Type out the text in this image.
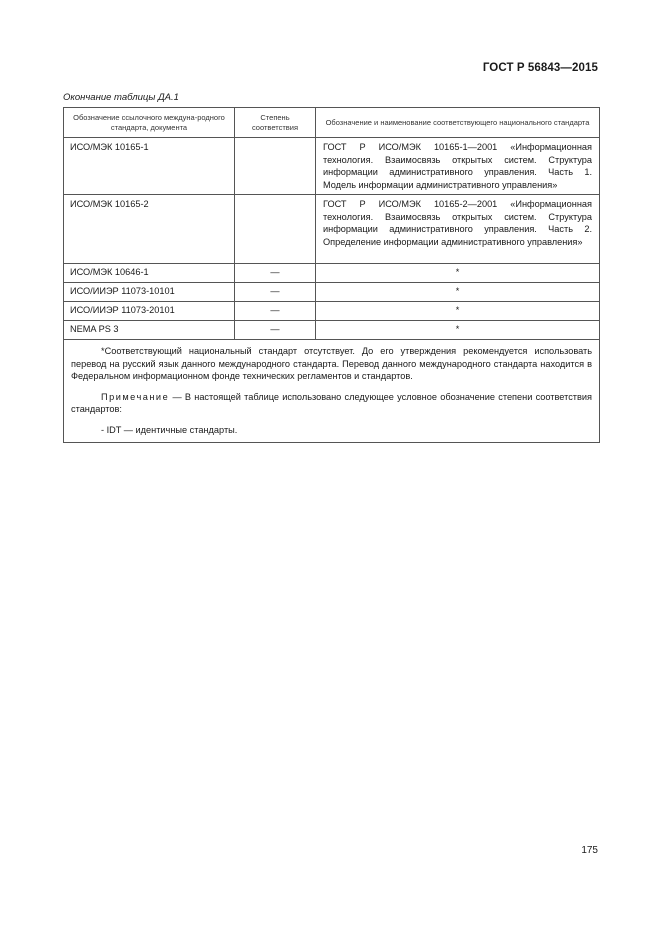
ГОСТ Р 56843—2015
Окончание таблицы ДА.1
Обозначение ссылочного междуна-родного стандарта, документа	Степень соответствия	Обозначение и наименование соответствующего национального стандарта
ИСО/МЭК 10165-1		ГОСТ Р ИСО/МЭК 10165-1—2001 «Информационная технология. Взаимосвязь открытых систем. Структура информации административного управления. Часть 1. Модель информации административного управления»
ИСО/МЭК 10165-2		ГОСТ Р ИСО/МЭК 10165-2—2001 «Информационная технология. Взаимосвязь открытых систем. Структура информации административного управления. Часть 2. Определение информации административного управления»
ИСО/МЭК 10646-1	—	*
ИСО/ИИЭР 11073-10101	—	*
ИСО/ИИЭР 11073-20101	—	*
NEMA PS 3	—	*

*Соответствующий национальный стандарт отсутствует. До его утверждения рекомендуется использовать перевод на русский язык данного международного стандарта. Перевод данного международного стандарта находится в Федеральном информационном фонде технических регламентов и стандартов.

Примечание — В настоящей таблице использовано следующее условное обозначение степени соответствия стандартов:

- IDT — идентичные стандарты.		

175
